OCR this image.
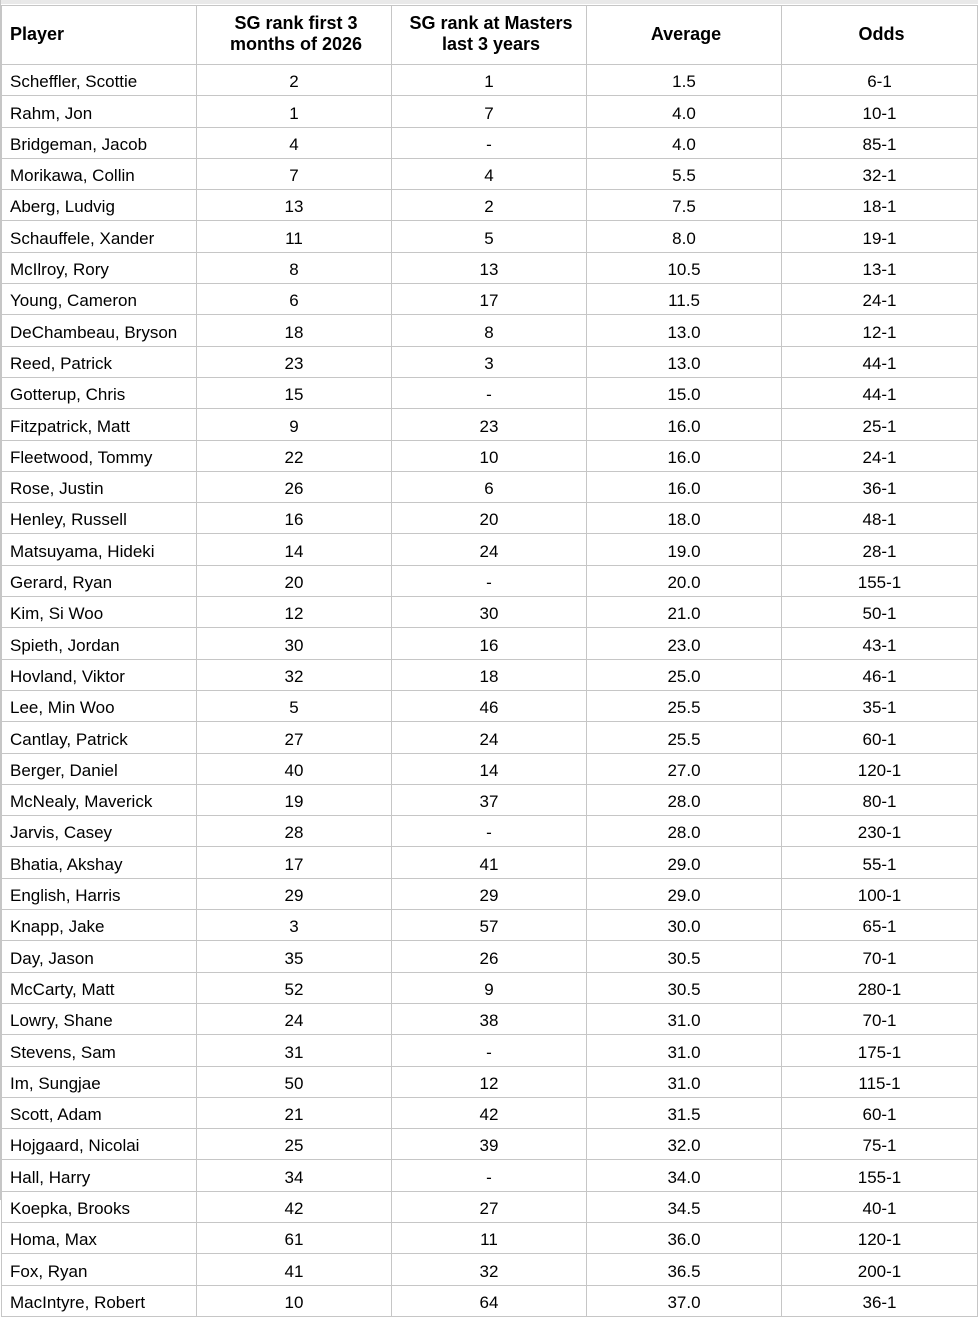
Player	SG rank first 3 months of 2026	SG rank at Masters last 3 years	Average	Odds
Scheffler, Scottie	2	1	1.5	6-1
Rahm, Jon	1	7	4.0	10-1
Bridgeman, Jacob	4	-	4.0	85-1
Morikawa, Collin	7	4	5.5	32-1
Aberg, Ludvig	13	2	7.5	18-1
Schauffele, Xander	11	5	8.0	19-1
McIlroy, Rory	8	13	10.5	13-1
Young, Cameron	6	17	11.5	24-1
DeChambeau, Bryson	18	8	13.0	12-1
Reed, Patrick	23	3	13.0	44-1
Gotterup, Chris	15	-	15.0	44-1
Fitzpatrick, Matt	9	23	16.0	25-1
Fleetwood, Tommy	22	10	16.0	24-1
Rose, Justin	26	6	16.0	36-1
Henley, Russell	16	20	18.0	48-1
Matsuyama, Hideki	14	24	19.0	28-1
Gerard, Ryan	20	-	20.0	155-1
Kim, Si Woo	12	30	21.0	50-1
Spieth, Jordan	30	16	23.0	43-1
Hovland, Viktor	32	18	25.0	46-1
Lee, Min Woo	5	46	25.5	35-1
Cantlay, Patrick	27	24	25.5	60-1
Berger, Daniel	40	14	27.0	120-1
McNealy, Maverick	19	37	28.0	80-1
Jarvis, Casey	28	-	28.0	230-1
Bhatia, Akshay	17	41	29.0	55-1
English, Harris	29	29	29.0	100-1
Knapp, Jake	3	57	30.0	65-1
Day, Jason	35	26	30.5	70-1
McCarty, Matt	52	9	30.5	280-1
Lowry, Shane	24	38	31.0	70-1
Stevens, Sam	31	-	31.0	175-1
Im, Sungjae	50	12	31.0	115-1
Scott, Adam	21	42	31.5	60-1
Hojgaard, Nicolai	25	39	32.0	75-1
Hall, Harry	34	-	34.0	155-1
Koepka, Brooks	42	27	34.5	40-1
Homa, Max	61	11	36.0	120-1
Fox, Ryan	41	32	36.5	200-1
MacIntyre, Robert	10	64	37.0	36-1
